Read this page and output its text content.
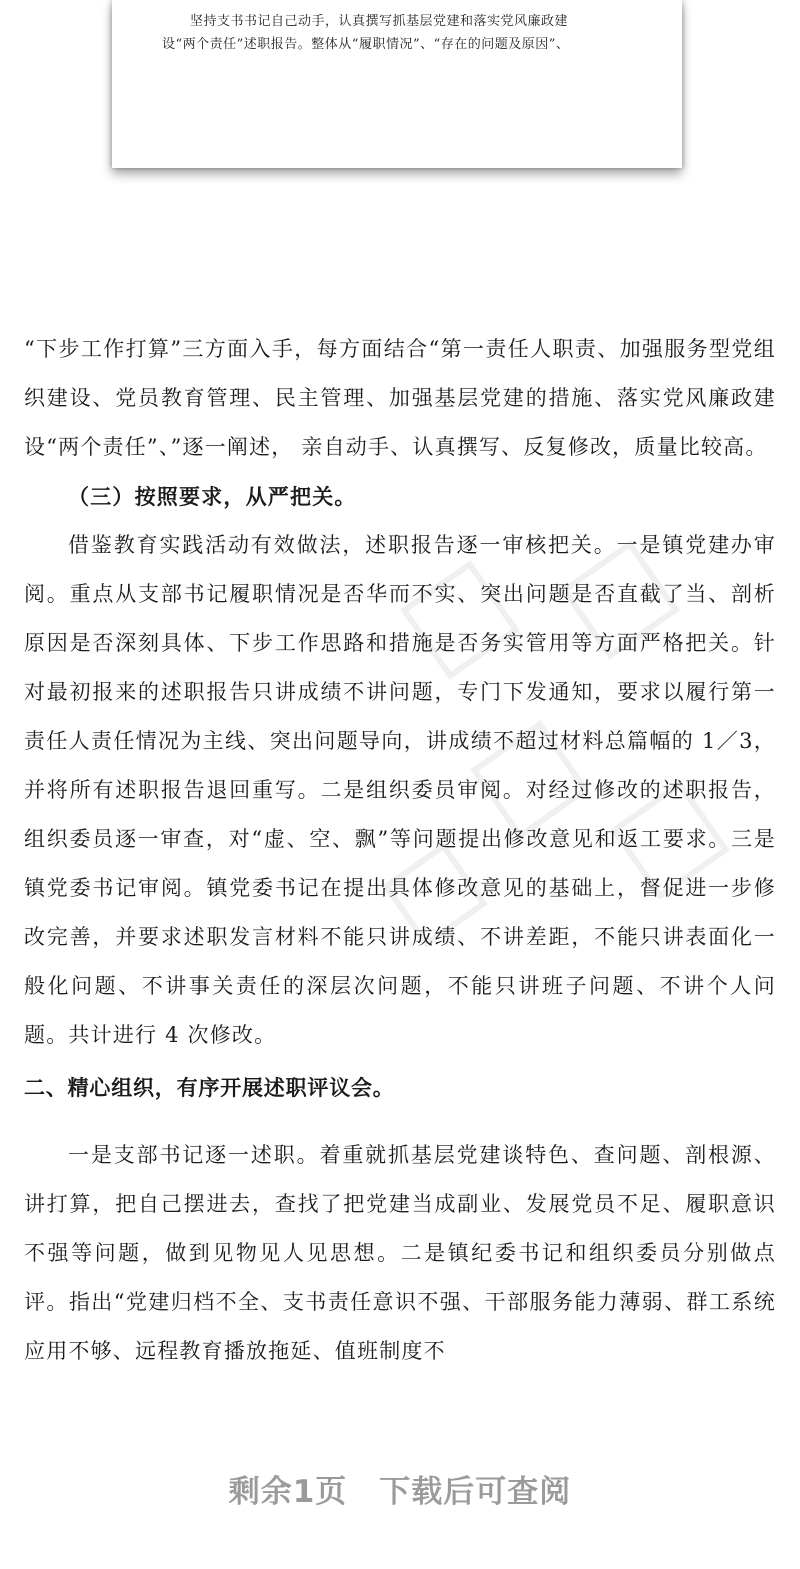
坚持支书书记自己动手，认真撰写抓基层党建和落实党风廉政建

设“两个责任”述职报告。整体从“履职情况”、“存在的问题及原因”、

“下步工作打算”三方面入手，每方面结合“第一责任人职责、加强服务型党组织建设、党员教育管理、民主管理、加强基层党建的措施、落实党风廉政建设“两个责任”、”逐一阐述， 亲自动手、认真撰写、反复修改，质量比较高。

（三）按照要求，从严把关。

借鉴教育实践活动有效做法，述职报告逐一审核把关。一是镇党建办审阅。重点从支部书记履职情况是否华而不实、突出问题是否直截了当、剖析原因是否深刻具体、下步工作思路和措施是否务实管用等方面严格把关。针对最初报来的述职报告只讲成绩不讲问题，专门下发通知，要求以履行第一责任人责任情况为主线、突出问题导向，讲成绩不超过材料总篇幅的 1／3，并将所有述职报告退回重写。二是组织委员审阅。对经过修改的述职报告，组织委员逐一审查，对“虚、空、飘”等问题提出修改意见和返工要求。三是镇党委书记审阅。镇党委书记在提出具体修改意见的基础上，督促进一步修改完善，并要求述职发言材料不能只讲成绩、不讲差距，不能只讲表面化一般化问题、不讲事关责任的深层次问题，不能只讲班子问题、不讲个人问题。共计进行 4 次修改。

二、精心组织，有序开展述职评议会。

一是支部书记逐一述职。着重就抓基层党建谈特色、查问题、剖根源、讲打算，把自己摆进去，查找了把党建当成副业、发展党员不足、履职意识不强等问题，做到见物见人见思想。二是镇纪委书记和组织委员分别做点评。指出“党建归档不全、支书责任意识不强、干部服务能力薄弱、群工系统应用不够、远程教育播放拖延、值班制度不

剩余1页 下载后可查阅
